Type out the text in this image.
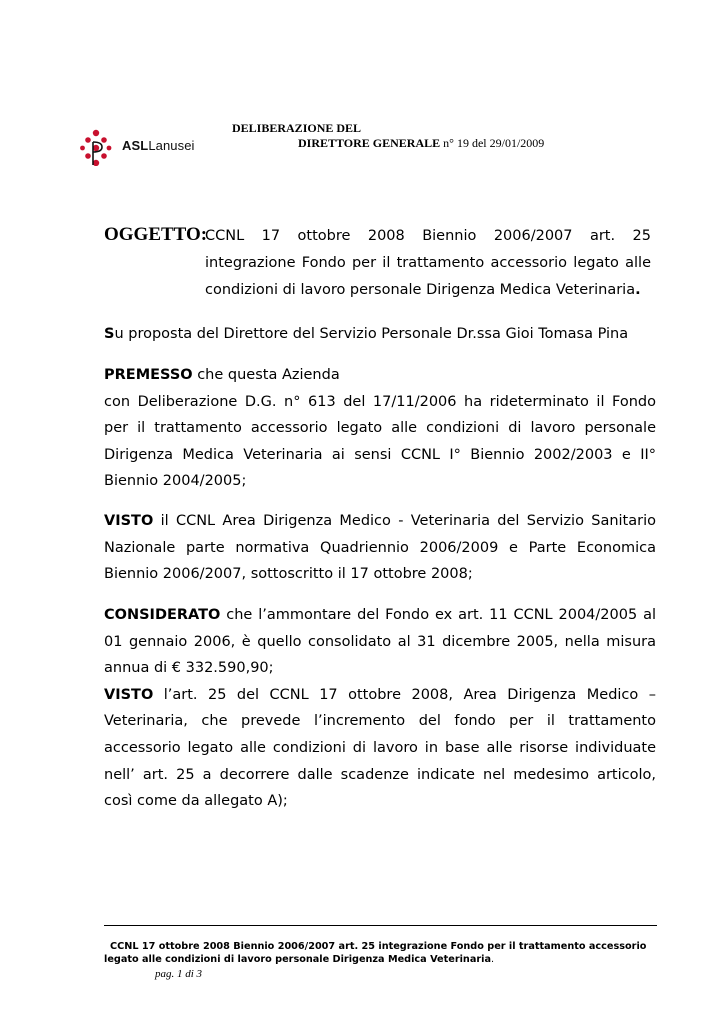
ASLLanusei
DELIBERAZIONE DEL
DIRETTORE GENERALE n° 19 del 29/01/2009
OGGETTO:
CCNL 17 ottobre 2008 Biennio 2006/2007 art. 25
integrazione Fondo per il trattamento accessorio legato alle
condizioni di lavoro personale Dirigenza Medica Veterinaria.
Su proposta del Direttore del Servizio Personale Dr.ssa Gioi Tomasa Pina
PREMESSO che questa Azienda
con Deliberazione D.G. n° 613 del 17/11/2006 ha rideterminato il Fondo
per il trattamento accessorio legato alle condizioni di lavoro personale
Dirigenza Medica Veterinaria ai sensi CCNL I° Biennio 2002/2003 e II°
Biennio 2004/2005;
VISTO il CCNL Area Dirigenza Medico - Veterinaria del Servizio Sanitario
Nazionale parte normativa Quadriennio 2006/2009 e Parte Economica
Biennio 2006/2007, sottoscritto il 17 ottobre 2008;
CONSIDERATO che l’ammontare del Fondo ex art. 11 CCNL 2004/2005 al
01 gennaio 2006, è quello consolidato al 31 dicembre 2005, nella misura
annua di € 332.590,90;
VISTO l’art. 25 del CCNL 17 ottobre 2008, Area Dirigenza Medico –
Veterinaria, che prevede l’incremento del fondo per il trattamento
accessorio legato alle condizioni di lavoro in base alle risorse individuate
nell’ art. 25 a decorrere dalle scadenze indicate nel medesimo articolo,
così come da allegato A);
CCNL 17 ottobre 2008 Biennio 2006/2007 art. 25 integrazione Fondo per il trattamento accessorio
legato alle condizioni di lavoro personale Dirigenza Medica Veterinaria.
pag. 1 di 3
